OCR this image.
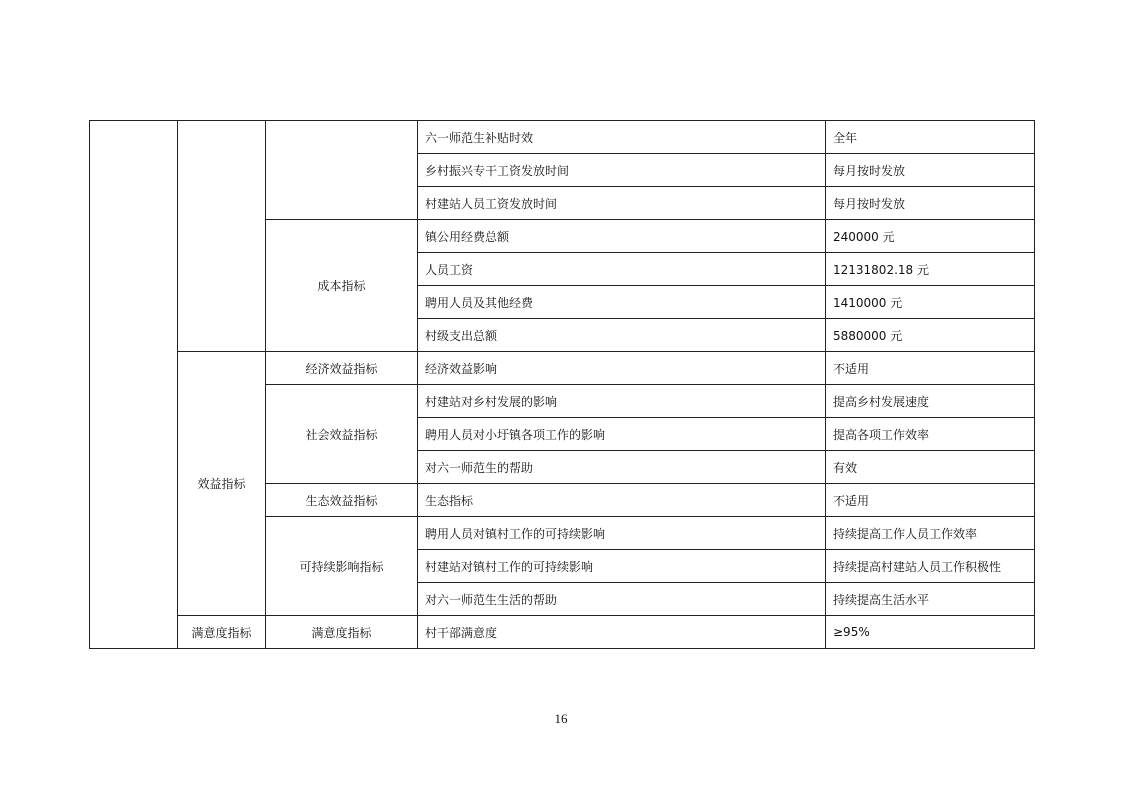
			六一师范生补贴时效	全年
			乡村振兴专干工资发放时间	每月按时发放
			村建站人员工资发放时间	每月按时发放
		成本指标	镇公用经费总额	240000 元
			人员工资	12131802.18 元
			聘用人员及其他经费	1410000 元
			村级支出总额	5880000 元
	效益指标	经济效益指标	经济效益影响	不适用
		社会效益指标	村建站对乡村发展的影响	提高乡村发展速度
			聘用人员对小圩镇各项工作的影响	提高各项工作效率
			对六一师范生的帮助	有效
		生态效益指标	生态指标	不适用
		可持续影响指标	聘用人员对镇村工作的可持续影响	持续提高工作人员工作效率
			村建站对镇村工作的可持续影响	持续提高村建站人员工作积极性
			对六一师范生生活的帮助	持续提高生活水平
	满意度指标	满意度指标	村干部满意度	≥95%
16
